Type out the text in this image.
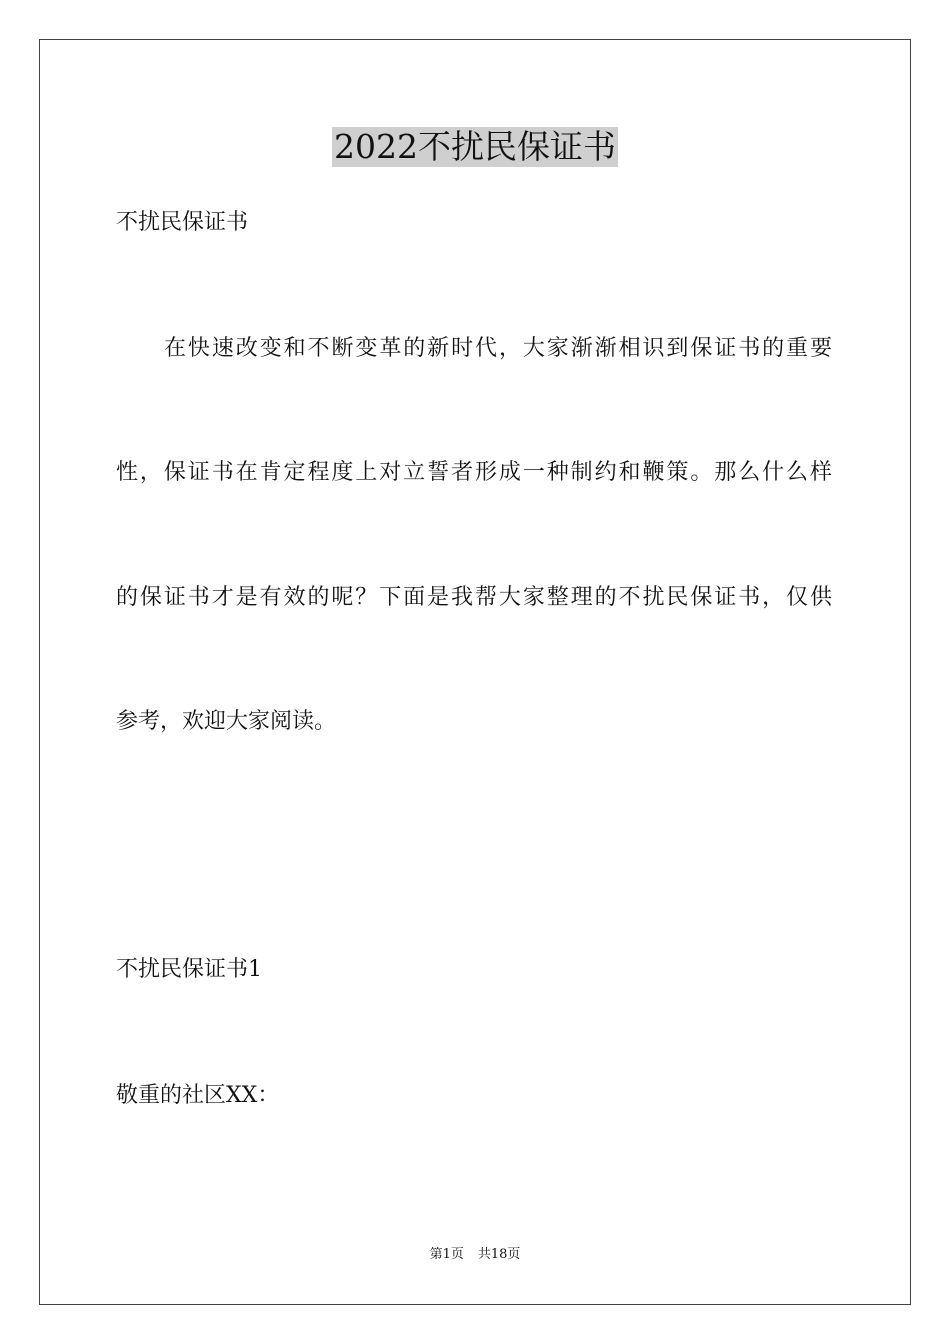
2022不扰民保证书
不扰民保证书
在快速改变和不断变革的新时代，大家渐渐相识到保证书的重要
性，保证书在肯定程度上对立誓者形成一种制约和鞭策。那么什么样
的保证书才是有效的呢？下面是我帮大家整理的不扰民保证书，仅供
参考，欢迎大家阅读。
不扰民保证书1
敬重的社区XX：
第1页 共18页
